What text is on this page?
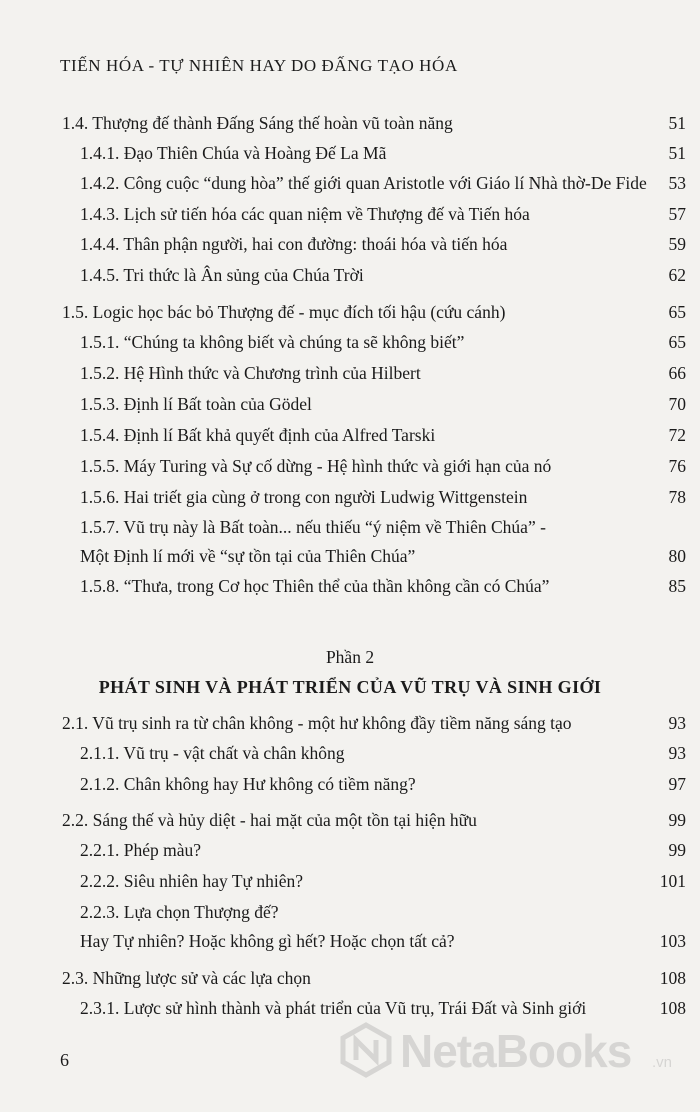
TIẾN HÓA - TỰ NHIÊN HAY DO ĐẤNG TẠO HÓA
1.4. Thượng đế thành Đấng Sáng thế hoàn vũ toàn năng	51
1.4.1. Đạo Thiên Chúa và Hoàng Đế La Mã	51
1.4.2. Công cuộc “dung hòa” thế giới quan Aristotle với Giáo lí Nhà thờ-De Fide 53
1.4.3. Lịch sử tiến hóa các quan niệm về Thượng đế và Tiến hóa	57
1.4.4. Thân phận người, hai con đường: thoái hóa và tiến hóa	59
1.4.5. Tri thức là Ân sủng của Chúa Trời	62
1.5. Logic học bác bỏ Thượng đế - mục đích tối hậu (cứu cánh)	65
1.5.1. “Chúng ta không biết và chúng ta sẽ không biết”	65
1.5.2. Hệ Hình thức và Chương trình của Hilbert	66
1.5.3. Định lí Bất toàn của Gödel	70
1.5.4. Định lí Bất khả quyết định của Alfred Tarski	72
1.5.5. Máy Turing và Sự cố dừng - Hệ hình thức và giới hạn của nó	76
1.5.6. Hai triết gia cùng ở trong con người Ludwig Wittgenstein	78
1.5.7. Vũ trụ này là Bất toàn... nếu thiếu “ý niệm về Thiên Chúa” -
Một Định lí mới về “sự tồn tại của Thiên Chúa”	80
1.5.8. “Thưa, trong Cơ học Thiên thể của thần không cần có Chúa”	85
Phần 2
PHÁT SINH VÀ PHÁT TRIỂN CỦA VŨ TRỤ VÀ SINH GIỚI
2.1. Vũ trụ sinh ra từ chân không - một hư không đầy tiềm năng sáng tạo	93
2.1.1. Vũ trụ - vật chất và chân không	93
2.1.2. Chân không hay Hư không có tiềm năng?	97
2.2. Sáng thế và hủy diệt - hai mặt của một tồn tại hiện hữu	99
2.2.1. Phép màu?	99
2.2.2. Siêu nhiên hay Tự nhiên?	101
2.2.3. Lựa chọn Thượng đế?
Hay Tự nhiên? Hoặc không gì hết? Hoặc chọn tất cả?	103
2.3. Những lược sử và các lựa chọn	108
2.3.1. Lược sử hình thành và phát triển của Vũ trụ, Trái Đất và Sinh giới	108
6	NetaBooks .vn
